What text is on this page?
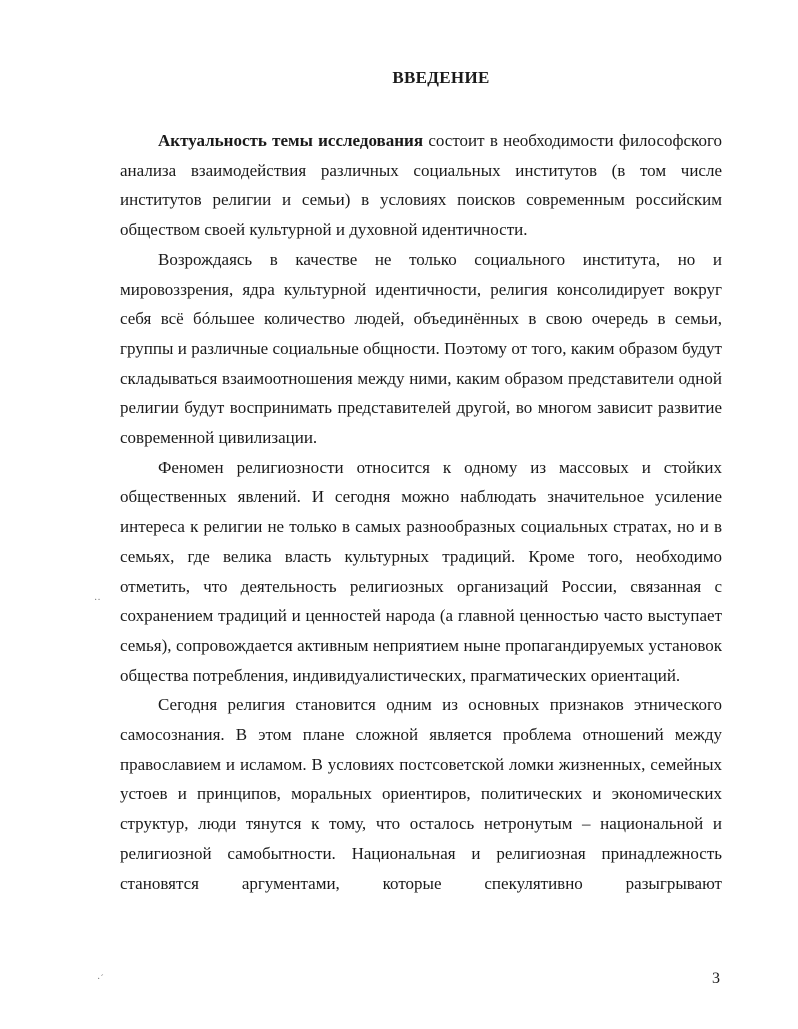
ВВЕДЕНИЕ

Актуальность темы исследования состоит в необходимости философского анализа взаимодействия различных социальных институтов (в том числе институтов религии и семьи) в условиях поисков современным российским обществом своей культурной и духовной идентичности.

Возрождаясь в качестве не только социального института, но и мировоззрения, ядра культурной идентичности, религия консолидирует вокруг себя всё бóльшее количество людей, объединённых в свою очередь в семьи, группы и различные социальные общности. Поэтому от того, каким образом будут складываться взаимоотношения между ними, каким образом представители одной религии будут воспринимать представителей другой, во многом зависит развитие современной цивилизации.

Феномен религиозности относится к одному из массовых и стойких общественных явлений. И сегодня можно наблюдать значительное усиление интереса к религии не только в самых разнообразных социальных стратах, но и в семьях, где велика власть культурных традиций. Кроме того, необходимо отметить, что деятельность религиозных организаций России, связанная с сохранением традиций и ценностей народа (а главной ценностью часто выступает семья), сопровождается активным неприятием ныне пропагандируемых установок общества потребления, индивидуалистических, прагматических ориентаций.

Сегодня религия становится одним из основных признаков этнического самосознания. В этом плане сложной является проблема отношений между православием и исламом. В условиях постсоветской ломки жизненных, семейных устоев и принципов, моральных ориентиров, политических и экономических структур, люди тянутся к тому, что осталось нетронутым – национальной и религиозной самобытности. Национальная и религиозная принадлежность становятся аргументами, которые спекулятивно разыгрывают

3
··
·´
